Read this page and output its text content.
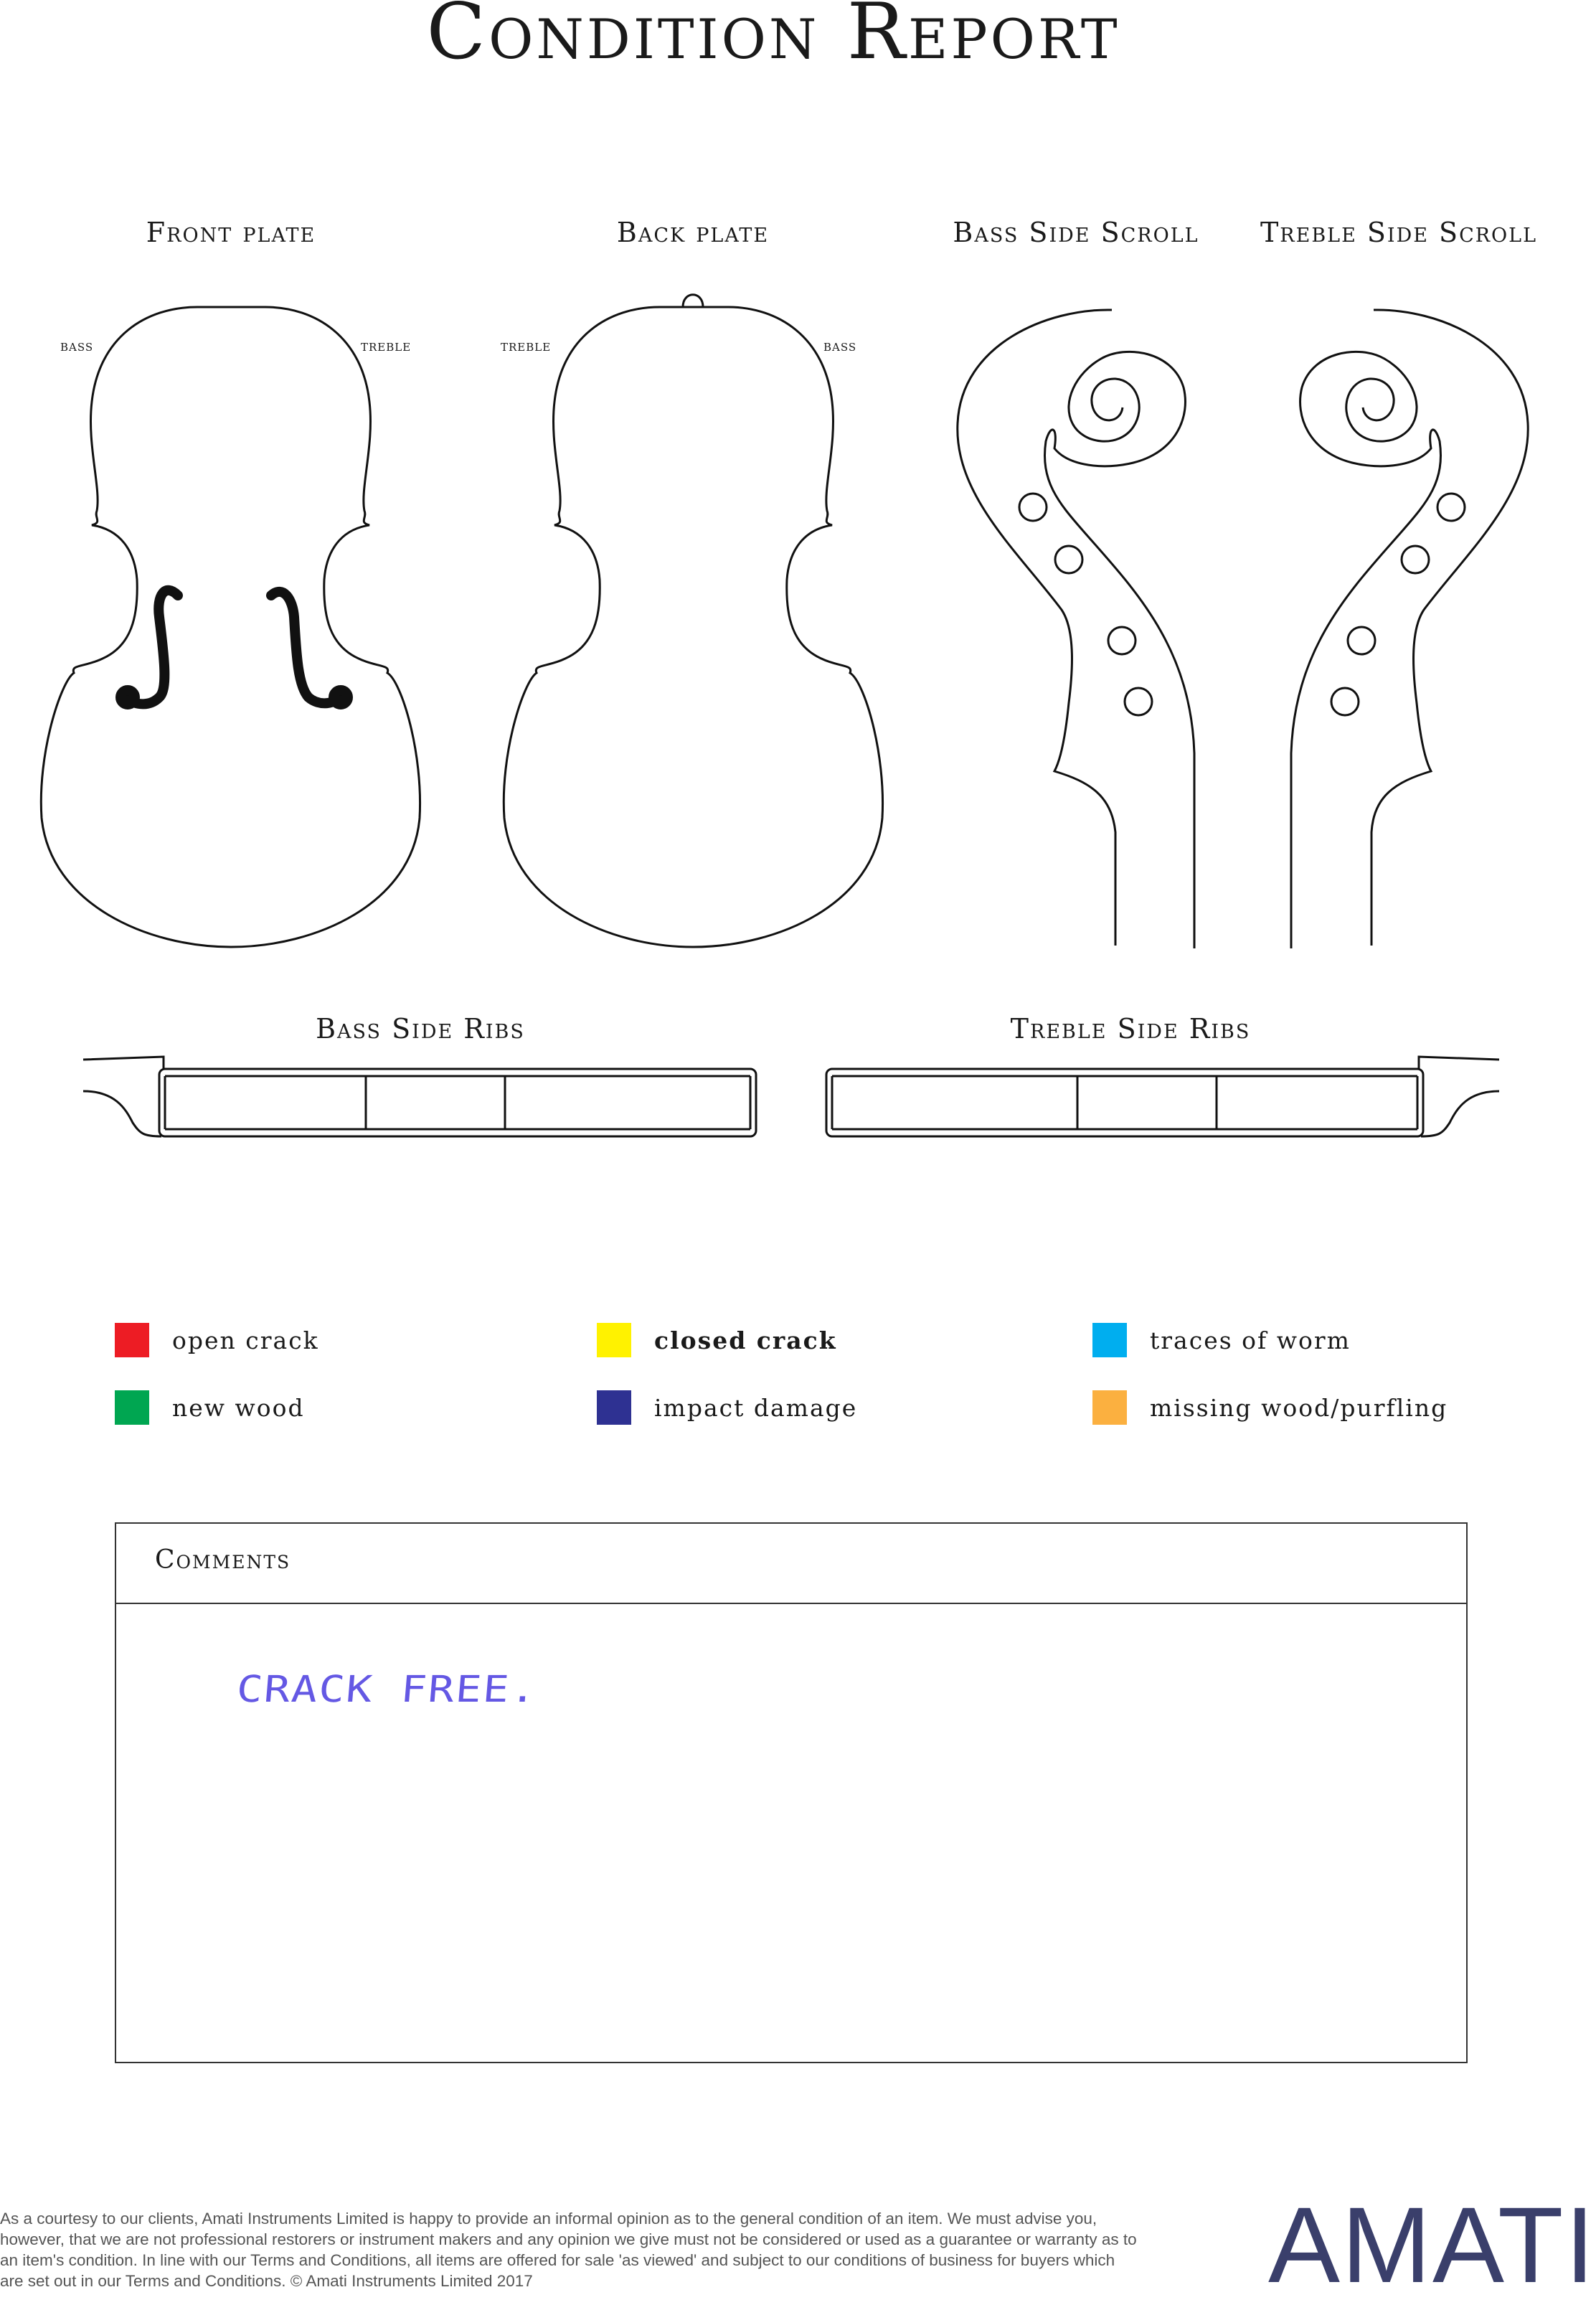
Condition Report
Front plate	Back plate	Bass Side Scroll Treble Side Scroll
bass	treble	treble	bass
Bass Side Ribs	Treble Side Ribs
open crack	closed crack	traces of worm
new wood	impact damage	missing wood/purfling
Comments
CRACK FREE.
As a courtesy to our clients, Amati Instruments Limited is happy to provide an informal opinion as to the general condition of an item. We must advise you, however, that we are not professional restorers or instrument makers and any opinion we give must not be considered or used as a guarantee or warranty as to an item's condition. In line with our Terms and Conditions, all items are offered for sale 'as viewed' and subject to our conditions of business for buyers which are set out in our Terms and Conditions. © Amati Instruments Limited 2017	AMATI
